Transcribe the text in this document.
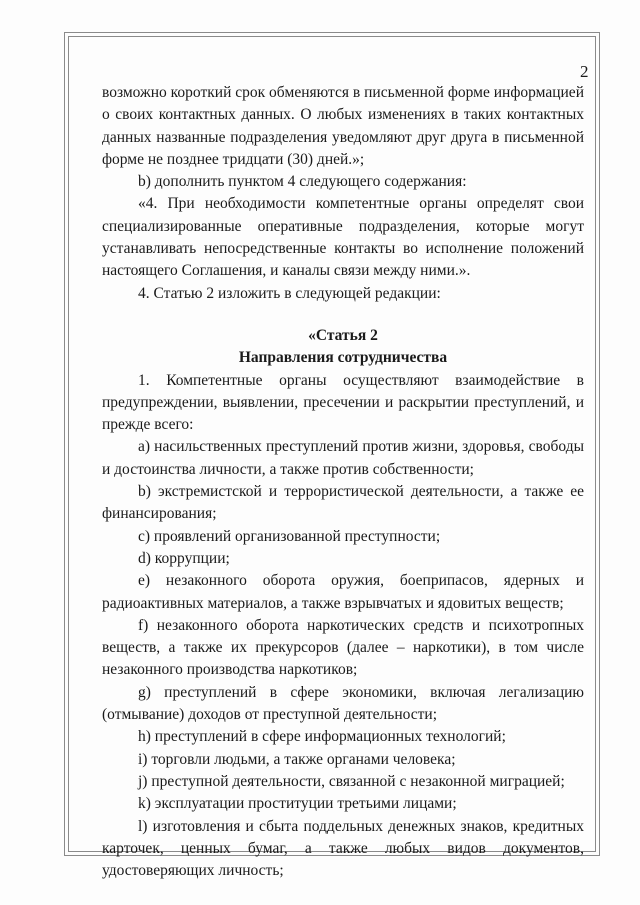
2

возможно короткий срок обменяются в письменной форме информацией о своих контактных данных. О любых изменениях в таких контактных данных названные подразделения уведомляют друг друга в письменной форме не позднее тридцати (30) дней.»;

b) дополнить пунктом 4 следующего содержания:

«4. При необходимости компетентные органы определят свои специализированные оперативные подразделения, которые могут устанавливать непосредственные контакты во исполнение положений настоящего Соглашения, и каналы связи между ними.».

4. Статью 2 изложить в следующей редакции:

«Статья 2

Направления сотрудничества

1. Компетентные органы осуществляют взаимодействие в предупреждении, выявлении, пресечении и раскрытии преступлений, и прежде всего:

a) насильственных преступлений против жизни, здоровья, свободы и достоинства личности, а также против собственности;

b) экстремистской и террористической деятельности, а также ее финансирования;

c) проявлений организованной преступности;

d) коррупции;

e) незаконного оборота оружия, боеприпасов, ядерных и радиоактивных материалов, а также взрывчатых и ядовитых веществ;

f) незаконного оборота наркотических средств и психотропных веществ, а также их прекурсоров (далее – наркотики), в том числе незаконного производства наркотиков;

g) преступлений в сфере экономики, включая легализацию (отмывание) доходов от преступной деятельности;

h) преступлений в сфере информационных технологий;

i) торговли людьми, а также органами человека;

j) преступной деятельности, связанной с незаконной миграцией;

k) эксплуатации проституции третьими лицами;

l) изготовления и сбыта поддельных денежных знаков, кредитных карточек, ценных бумаг, а также любых видов документов, удостоверяющих личность;
